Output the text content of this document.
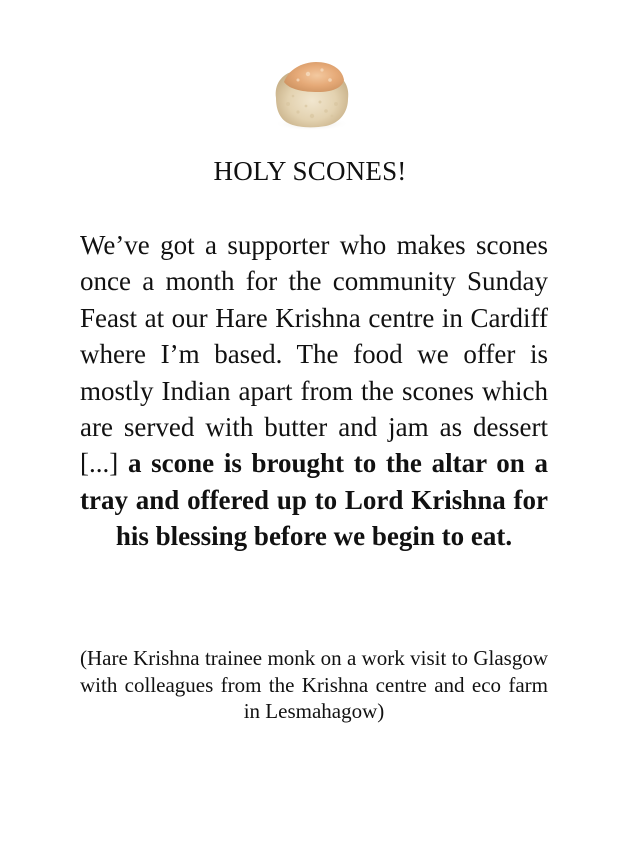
HOLY SCONES!
We’ve got a supporter who makes scones once a month for the community Sunday Feast at our Hare Krishna centre in Cardiff where I’m based. The food we offer is mostly Indian apart from the scones which are served with butter and jam as dessert [...] a scone is brought to the altar on a tray and offered up to Lord Krishna for his blessing before we begin to eat.
(Hare Krishna trainee monk on a work visit to Glasgow with colleagues from the Krishna centre and eco farm in Lesmahagow)
